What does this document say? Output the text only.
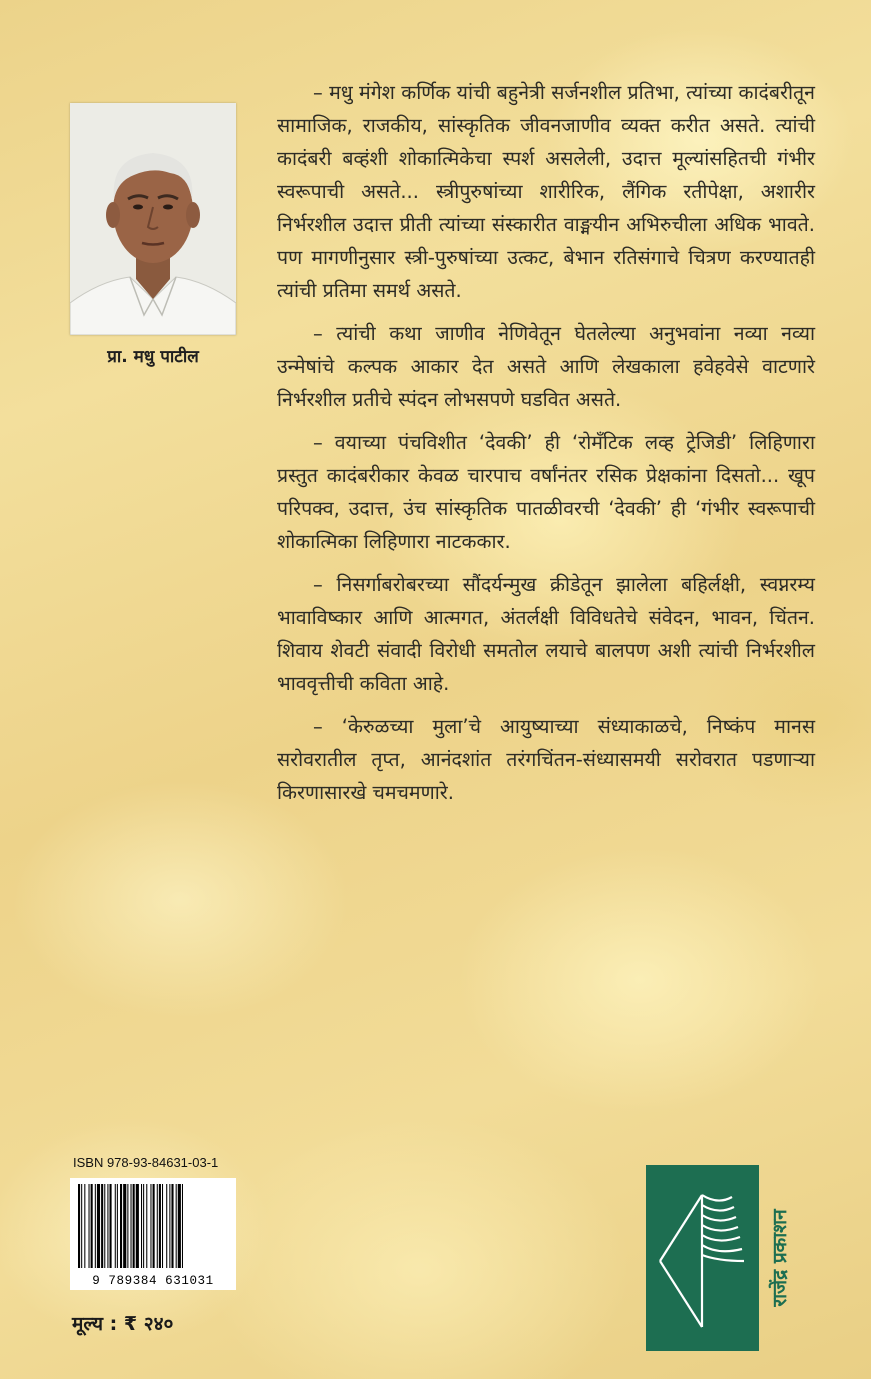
प्रा. मधु पाटील

– मधु मंगेश कर्णिक यांची बहुनेत्री सर्जनशील प्रतिभा, त्यांच्या कादंबरीतून सामाजिक, राजकीय, सांस्कृतिक जीवनजाणीव व्यक्त करीत असते. त्यांची कादंबरी बव्हंशी शोकात्मिकेचा स्पर्श असलेली, उदात्त मूल्यांसहितची गंभीर स्वरूपाची असते... स्त्रीपुरुषांच्या शारीरिक, लैंगिक रतीपेक्षा, अशारीर निर्भरशील उदात्त प्रीती त्यांच्या संस्कारीत वाङ्मयीन अभिरुचीला अधिक भावते. पण मागणीनुसार स्त्री-पुरुषांच्या उत्कट, बेभान रतिसंगाचे चित्रण करण्यातही त्यांची प्रतिमा समर्थ असते.

– त्यांची कथा जाणीव नेणिवेतून घेतलेल्या अनुभवांना नव्या नव्या उन्मेषांचे कल्पक आकार देत असते आणि लेखकाला हवेहवेसे वाटणारे निर्भरशील प्रतीचे स्पंदन लोभसपणे घडवित असते.

– वयाच्या पंचविशीत ‘देवकी’ ही ‘रोमँटिक लव्ह ट्रेजिडी’ लिहिणारा प्रस्तुत कादंबरीकार केवळ चारपाच वर्षांनंतर रसिक प्रेक्षकांना दिसतो... खूप परिपक्व, उदात्त, उंच सांस्कृतिक पातळीवरची ‘देवकी’ ही ‘गंभीर स्वरूपाची शोकात्मिका लिहिणारा नाटककार.

– निसर्गाबरोबरच्या सौंदर्यन्मुख क्रीडेतून झालेला बहिर्लक्षी, स्वप्नरम्य भावाविष्कार आणि आत्मगत, अंतर्लक्षी विविधतेचे संवेदन, भावन, चिंतन. शिवाय शेवटी संवादी विरोधी समतोल लयाचे बालपण अशी त्यांची निर्भरशील भाववृत्तीची कविता आहे.

– ‘केरुळच्या मुला’चे आयुष्याच्या संध्याकाळचे, निष्कंप मानस सरोवरातील तृप्त, आनंदशांत तरंगचिंतन-संध्यासमयी सरोवरात पडणाऱ्या किरणासारखे चमचमणारे.

ISBN 978-93-84631-03-1
9 789384 631031
मूल्य : ₹ २४०
राजेंद्र प्रकाशन
